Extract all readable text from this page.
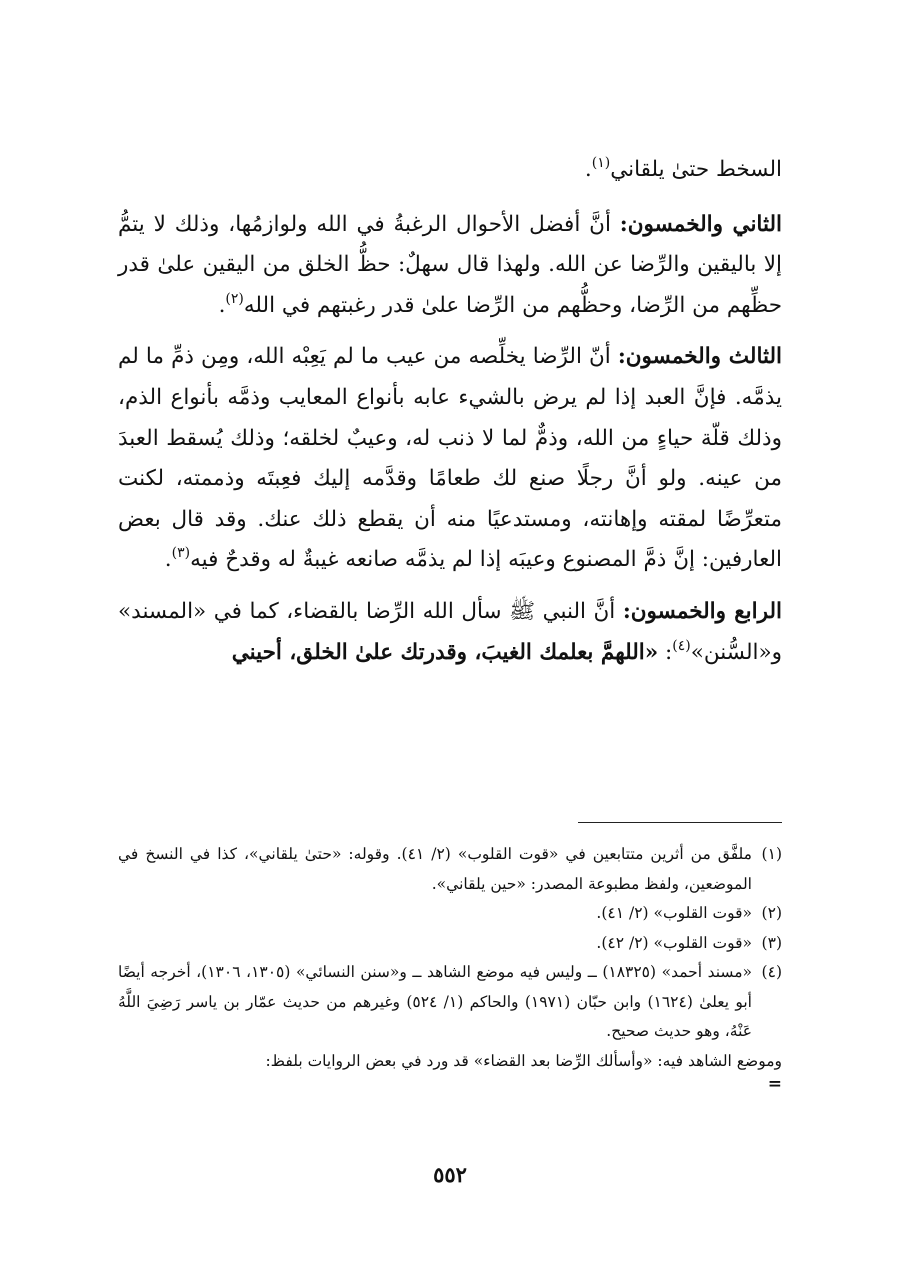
السخط حتىٰ يلقاني$^{(١)}$.

الثاني والخمسون: أنَّ أفضل الأحوال الرغبةُ في الله ولوازمُها، وذلك لا يتمُّ إلا باليقين والرِّضا عن الله. ولهذا قال سهلٌ: حظُّ الخلق من اليقين علىٰ قدر حظِّهم من الرِّضا، وحظُّهم من الرِّضا علىٰ قدر رغبتهم في الله$^{(٢)}$.

الثالث والخمسون: أنّ الرِّضا يخلِّصه من عيب ما لم يَعِبْه الله، ومِن ذمِّ ما لم يذمَّه. فإنَّ العبد إذا لم يرض بالشيء عابه بأنواع المعايب وذمَّه بأنواع الذم، وذلك قلّة حياءٍ من الله، وذمٌّ لما لا ذنب له، وعيبٌ لخلقه؛ وذلك يُسقط العبدَ من عينه. ولو أنَّ رجلًا صنع لك طعامًا وقدَّمه إليك فعِبتَه وذممته، لكنت متعرِّضًا لمقته وإهانته، ومستدعيًا منه أن يقطع ذلك عنك. وقد قال بعض العارفين: إنَّ ذمَّ المصنوع وعيبَه إذا لم يذمَّه صانعه غيبةٌ له وقدحٌ فيه$^{(٣)}$.

الرابع والخمسون: أنَّ النبي ﷺ سأل الله الرِّضا بالقضاء، كما في «المسند» و«السُّنن»$^{(٤)}$: «اللهمَّ بعلمك الغيبَ، وقدرتك علىٰ الخلق، أحيني

(١)
ملفَّق من أثرين متتابعين في «قوت القلوب» (٢/ ٤١). وقوله: «حتىٰ يلقاني»، كذا في النسخ في الموضعين، ولفظ مطبوعة المصدر: «حين يلقاني».
(٢)
«قوت القلوب» (٢/ ٤١).
(٣)
«قوت القلوب» (٢/ ٤٢).
(٤)
«مسند أحمد» (١٨٣٢٥) ــ وليس فيه موضع الشاهد ــ و«سنن النسائي» (١٣٠٥، ١٣٠٦)، أخرجه أيضًا أبو يعلىٰ (١٦٢٤) وابن حبّان (١٩٧١) والحاكم (١/ ٥٢٤) وغيرهم من حديث عمّار بن ياسر رَضِيَ اللَّهُ عَنْهُ، وهو حديث صحيح.
وموضع الشاهد فيه: «وأسألك الرِّضا بعد القضاء» قد ورد في بعض الروايات بلفظ:
=
٥٥٢
